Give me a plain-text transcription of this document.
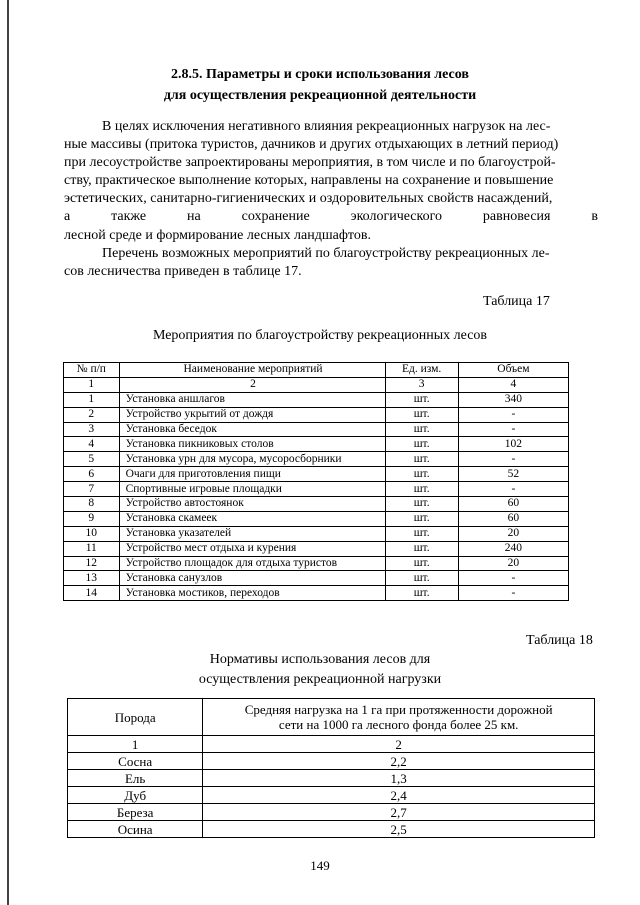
2.8.5. Параметры и сроки использования лесов
для осуществления рекреационной деятельности

В целях исключения негативного влияния рекреационных нагрузок на лес-
ные массивы (притока туристов, дачников и других отдыхающих в летний период)
при лесоустройстве запроектированы мероприятия, в том числе и по благоустрой-
ству, практическое выполнение которых, направлены на сохранение и повышение
эстетических, санитарно-гигиенических и оздоровительных свойств насаждений,
а	также	на	сохранение	экологического	равновесия	в
лесной среде и формирование лесных ландшафтов.

Перечень возможных мероприятий по благоустройству рекреационных ле-
сов лесничества приведен в таблице 17.

Таблица 17
Мероприятия по благоустройству рекреационных лесов
№ п/п	Наименование мероприятий	Ед. изм.	Объем
1	2	3	4
1	Установка аншлагов	шт.	340
2	Устройство укрытий от дождя	шт.	-
3	Установка беседок	шт.	-
4	Установка пикниковых столов	шт.	102
5	Установка урн для мусора, мусоросборники	шт.	-
6	Очаги для приготовления пищи	шт.	52
7	Спортивные игровые площадки	шт.	-
8	Устройство автостоянок	шт.	60
9	Установка скамеек	шт.	60
10	Установка указателей	шт.	20
11	Устройство мест отдыха и курения	шт.	240
12	Устройство площадок для отдыха туристов	шт.	20
13	Установка санузлов	шт.	-
14	Установка мостиков, переходов	шт.	-
Таблица 18
Нормативы использования лесов для
осуществления рекреационной нагрузки
Порода	Средняя нагрузка на 1 га при протяженности дорожной
сети на 1000 га лесного фонда более 25 км.

1	2
Сосна	2,2
Ель	1,3
Дуб	2,4
Береза	2,7
Осина	2,5
149
